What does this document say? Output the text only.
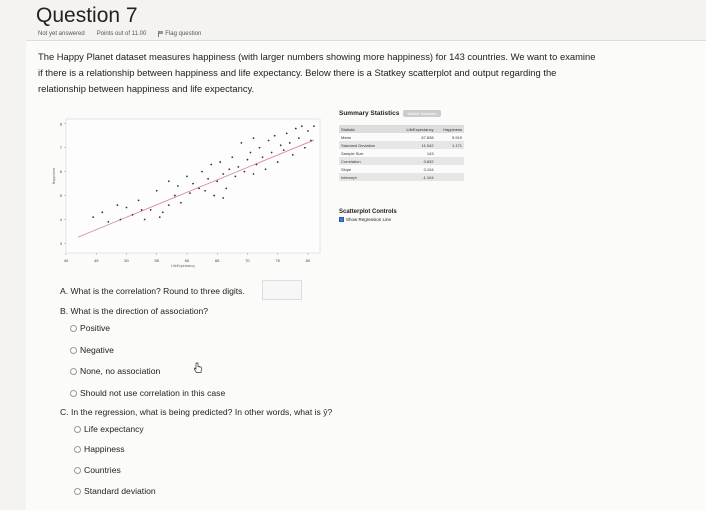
Question 7
Not yet answered Points out of 11.00	Flag question
The Happy Planet dataset measures happiness (with larger numbers showing more happiness) for 143 countries. We want to examine if there is a relationship between happiness and life expectancy. Below there is a Statkey scatterplot and output regarding the relationship between happiness and life expectancy.
40	45	50	55	60	65	70	75	80
3
4
5
6
7
8
LifeExpectancy
Happiness
Summary Statistics	Switch Variables
Statistic	LifeExpectancy	Happiness
Mean	67.838	5.919
Standard Deviation	11.042	1.171
Sample Size	143	
Correlation	0.832	
Slope	0.104	
Intercept	-1.104	
Scatterplot Controls
Show Regression Line
A. What is the correlation? Round to three digits.
B. What is the direction of association?
Positive
Negative
None, no association
Should not use correlation in this case
C. In the regression, what is being predicted? In other words, what is ŷ?
Life expectancy
Happiness
Countries
Standard deviation
